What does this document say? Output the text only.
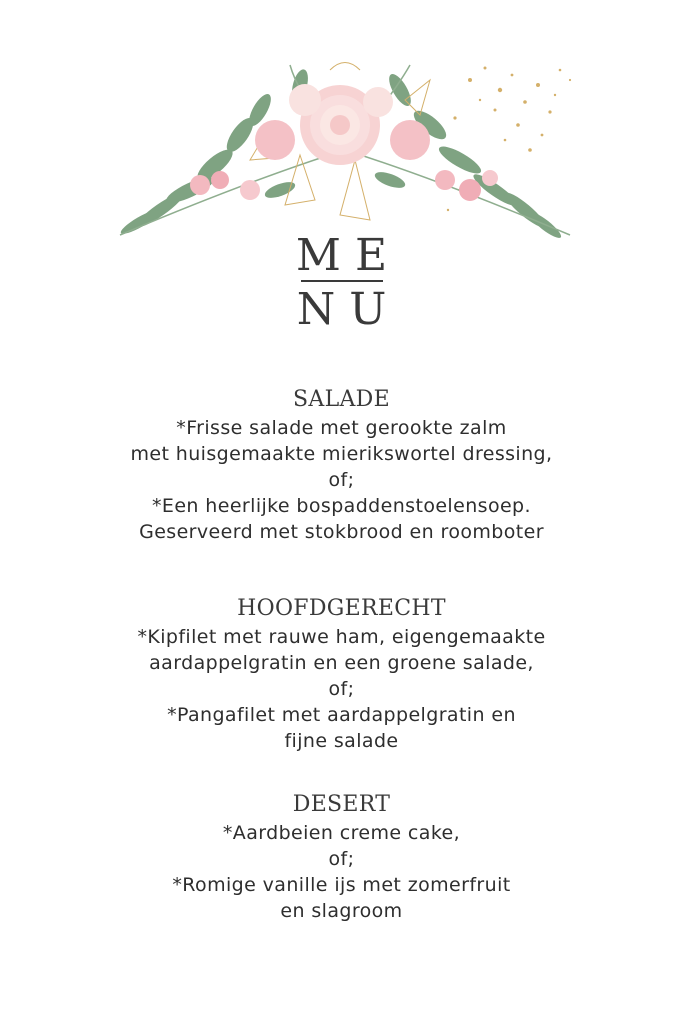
ME
NU
SALADE
*Frisse salade met gerookte zalm
met huisgemaakte mierikswortel dressing,
of;
*Een heerlijke bospaddenstoelensoep.
Geserveerd met stokbrood en roomboter
HOOFDGERECHT
*Kipfilet met rauwe ham, eigengemaakte
aardappelgratin en een groene salade,
of;
*Pangafilet met aardappelgratin en
fijne salade
DESERT
*Aardbeien creme cake,
of;
*Romige vanille ijs met zomerfruit
en slagroom
